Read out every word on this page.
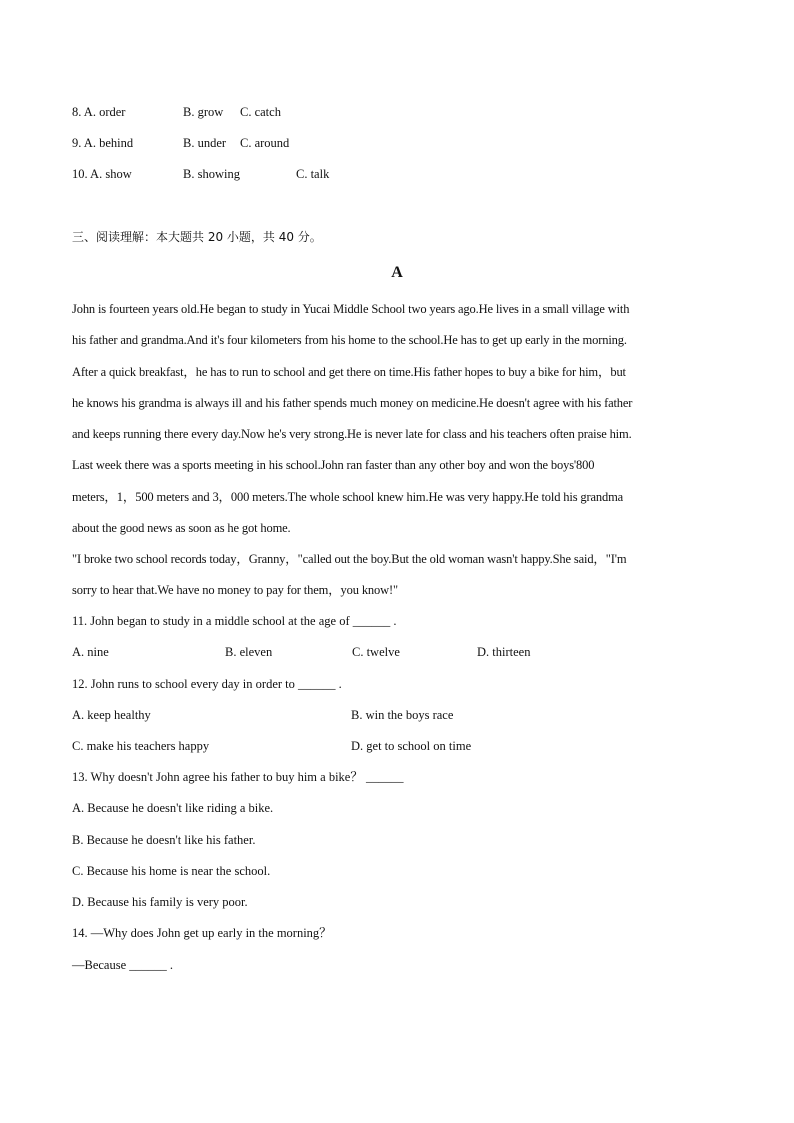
8. A. order	B. grow C. catch
9. A. behind	B. under C. around
10. A. show	B. showing	C. talk
三、阅读理解：本大题共 20 小题，共 40 分。
A
John is fourteen years old.He began to study in Yucai Middle School two years ago.He lives in a small village with
his father and grandma.And it's four kilometers from his home to the school.He has to get up early in the morning.
After a quick breakfast，he has to run to school and get there on time.His father hopes to buy a bike for him，but
he knows his grandma is always ill and his father spends much money on medicine.He doesn't agree with his father
and keeps running there every day.Now he's very strong.He is never late for class and his teachers often praise him.
Last week there was a sports meeting in his school.John ran faster than any other boy and won the boys'800
meters，1，500 meters and 3，000 meters.The whole school knew him.He was very happy.He told his grandma
about the good news as soon as he got home.
"I broke two school records today，Granny，"called out the boy.But the old woman wasn't happy.She said，"I'm
sorry to hear that.We have no money to pay for them，you know!"
11. John began to study in a middle school at the age of ______ .
A. nine	B. eleven	C. twelve	D. thirteen
12. John runs to school every day in order to ______ .
A. keep healthy	B. win the boys race
C. make his teachers happy	D. get to school on time
13. Why doesn't John agree his father to buy him a bike？ ______
A. Because he doesn't like riding a bike.
B. Because he doesn't like his father.
C. Because his home is near the school.
D. Because his family is very poor.
14. —Why does John get up early in the morning？
—Because ______ .
